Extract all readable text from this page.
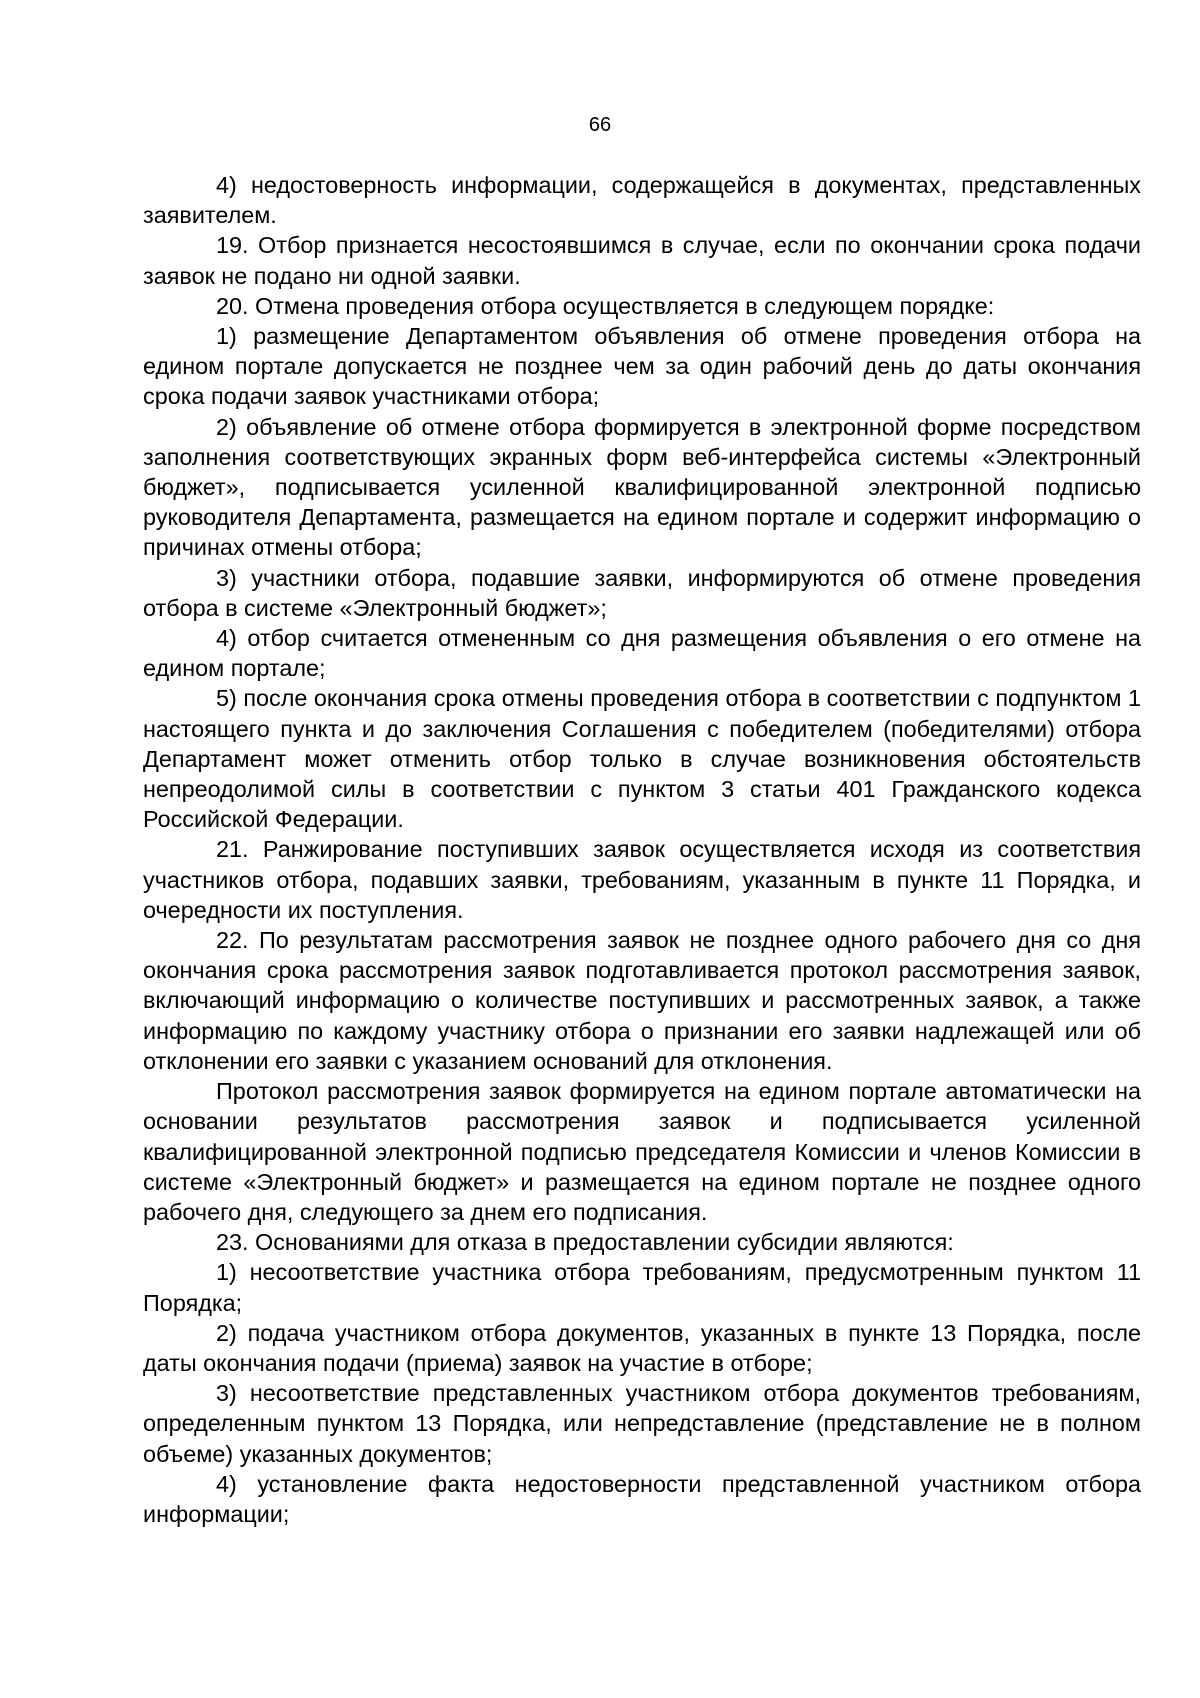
66

4) недостоверность информации, содержащейся в документах, представленных заявителем.

19. Отбор признается несостоявшимся в случае, если по окончании срока подачи заявок не подано ни одной заявки.

20. Отмена проведения отбора осуществляется в следующем порядке:

1) размещение Департаментом объявления об отмене проведения отбора на едином портале допускается не позднее чем за один рабочий день до даты окончания срока подачи заявок участниками отбора;

2) объявление об отмене отбора формируется в электронной форме посредством заполнения соответствующих экранных форм веб-интерфейса системы «Электронный бюджет», подписывается усиленной квалифицированной электронной подписью руководителя Департамента, размещается на едином портале и содержит информацию о причинах отмены отбора;

3) участники отбора, подавшие заявки, информируются об отмене проведения отбора в системе «Электронный бюджет»;

4) отбор считается отмененным со дня размещения объявления о его отмене на едином портале;

5) после окончания срока отмены проведения отбора в соответствии с подпунктом 1 настоящего пункта и до заключения Соглашения с победителем (победителями) отбора Департамент может отменить отбор только в случае возникновения обстоятельств непреодолимой силы в соответствии с пунктом 3 статьи 401 Гражданского кодекса Российской Федерации.

21. Ранжирование поступивших заявок осуществляется исходя из соответствия участников отбора, подавших заявки, требованиям, указанным в пункте 11 Порядка, и очередности их поступления.

22. По результатам рассмотрения заявок не позднее одного рабочего дня со дня окончания срока рассмотрения заявок подготавливается протокол рассмотрения заявок, включающий информацию о количестве поступивших и рассмотренных заявок, а также информацию по каждому участнику отбора о признании его заявки надлежащей или об отклонении его заявки с указанием оснований для отклонения.

Протокол рассмотрения заявок формируется на едином портале автоматически на основании результатов рассмотрения заявок и подписывается усиленной квалифицированной электронной подписью председателя Комиссии и членов Комиссии в системе «Электронный бюджет» и размещается на едином портале не позднее одного рабочего дня, следующего за днем его подписания.

23. Основаниями для отказа в предоставлении субсидии являются:

1) несоответствие участника отбора требованиям, предусмотренным пунктом 11 Порядка;

2) подача участником отбора документов, указанных в пункте 13 Порядка, после даты окончания подачи (приема) заявок на участие в отборе;

3) несоответствие представленных участником отбора документов требованиям, определенным пунктом 13 Порядка, или непредставление (представление не в полном объеме) указанных документов;

4) установление факта недостоверности представленной участником отбора информации;
